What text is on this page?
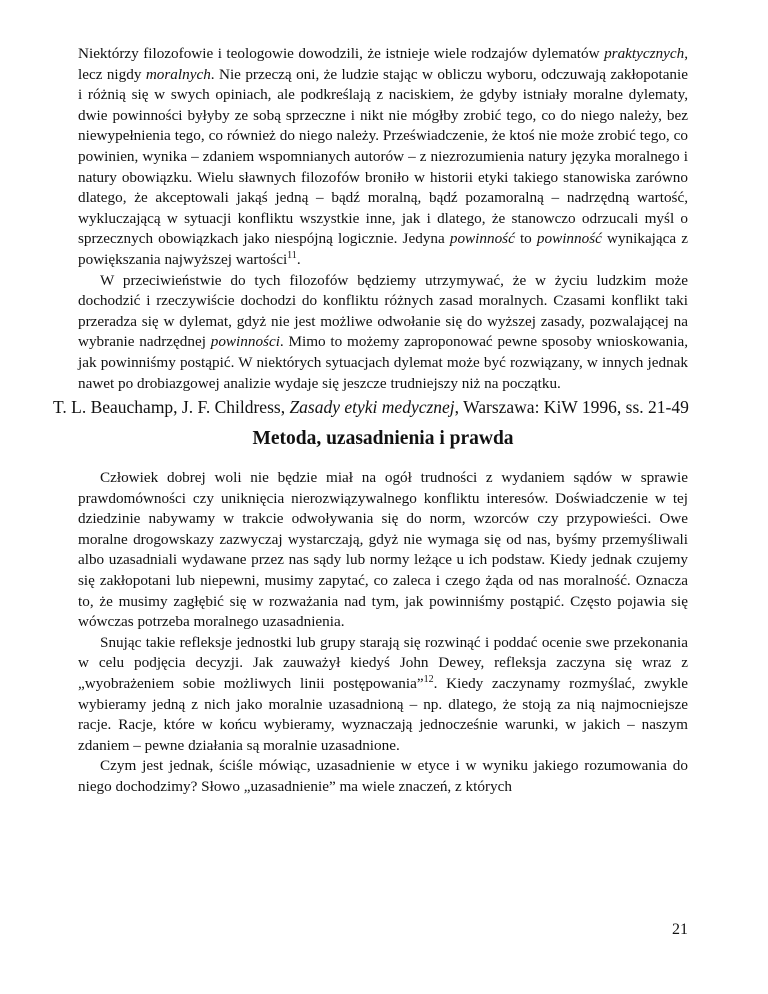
Niektórzy filozofowie i teologowie dowodzili, że istnieje wiele rodzajów dylematów praktycznych, lecz nigdy moralnych. Nie przeczą oni, że ludzie stając w obliczu wyboru, odczuwają zakłopotanie i różnią się w swych opiniach, ale podkreślają z naciskiem, że gdyby istniały moralne dylematy, dwie powinności byłyby ze sobą sprzeczne i nikt nie mógłby zrobić tego, co do niego należy, bez niewypełnienia tego, co również do niego należy. Przeświadczenie, że ktoś nie może zrobić tego, co powinien, wynika – zdaniem wspomnianych autorów – z niezrozumienia natury języka moralnego i natury obowiązku. Wielu sławnych filozofów broniło w historii etyki takiego stanowiska zarówno dlatego, że akceptowali jakąś jedną – bądź moralną, bądź pozamoralną – nadrzędną wartość, wykluczającą w sytuacji konfliktu wszystkie inne, jak i dlatego, że stanowczo odrzucali myśl o sprzecznych obowiązkach jako niespójną logicznie. Jedyna powinność to powinność wynikająca z powiększania najwyższej wartości$^{11}$.

W przeciwieństwie do tych filozofów będziemy utrzymywać, że w życiu ludzkim może dochodzić i rzeczywiście dochodzi do konfliktu różnych zasad moralnych. Czasami konflikt taki przeradza się w dylemat, gdyż nie jest możliwe odwołanie się do wyższej zasady, pozwalającej na wybranie nadrzędnej powinności. Mimo to możemy zaproponować pewne sposoby wnioskowania, jak powinniśmy postąpić. W niektórych sytuacjach dylemat może być rozwiązany, w innych jednak nawet po drobiazgowej analizie wydaje się jeszcze trudniejszy niż na początku.

T. L. Beauchamp, J. F. Childress, Zasady etyki medycznej, Warszawa: KiW 1996, ss. 21-49

Metoda, uzasadnienia i prawda

Człowiek dobrej woli nie będzie miał na ogół trudności z wydaniem sądów w sprawie prawdomówności czy uniknięcia nierozwiązywalnego konfliktu interesów. Doświadczenie w tej dziedzinie nabywamy w trakcie odwoływania się do norm, wzorców czy przypowieści. Owe moralne drogowskazy zazwyczaj wystarczają, gdyż nie wymaga się od nas, byśmy przemyśliwali albo uzasadniali wydawane przez nas sądy lub normy leżące u ich podstaw. Kiedy jednak czujemy się zakłopotani lub niepewni, musimy zapytać, co zaleca i czego żąda od nas moralność. Oznacza to, że musimy zagłębić się w rozważania nad tym, jak powinniśmy postąpić. Często pojawia się wówczas potrzeba moralnego uzasadnienia.

Snując takie refleksje jednostki lub grupy starają się rozwinąć i poddać ocenie swe przekonania w celu podjęcia decyzji. Jak zauważył kiedyś John Dewey, refleksja zaczyna się wraz z „wyobrażeniem sobie możliwych linii postępowania”$^{12}$. Kiedy zaczynamy rozmyślać, zwykle wybieramy jedną z nich jako moralnie uzasadnioną – np. dlatego, że stoją za nią najmocniejsze racje. Racje, które w końcu wybieramy, wyznaczają jednocześnie warunki, w jakich – naszym zdaniem – pewne działania są moralnie uzasadnione.

Czym jest jednak, ściśle mówiąc, uzasadnienie w etyce i w wyniku jakiego rozumowania do niego dochodzimy? Słowo „uzasadnienie” ma wiele znaczeń, z których

21
